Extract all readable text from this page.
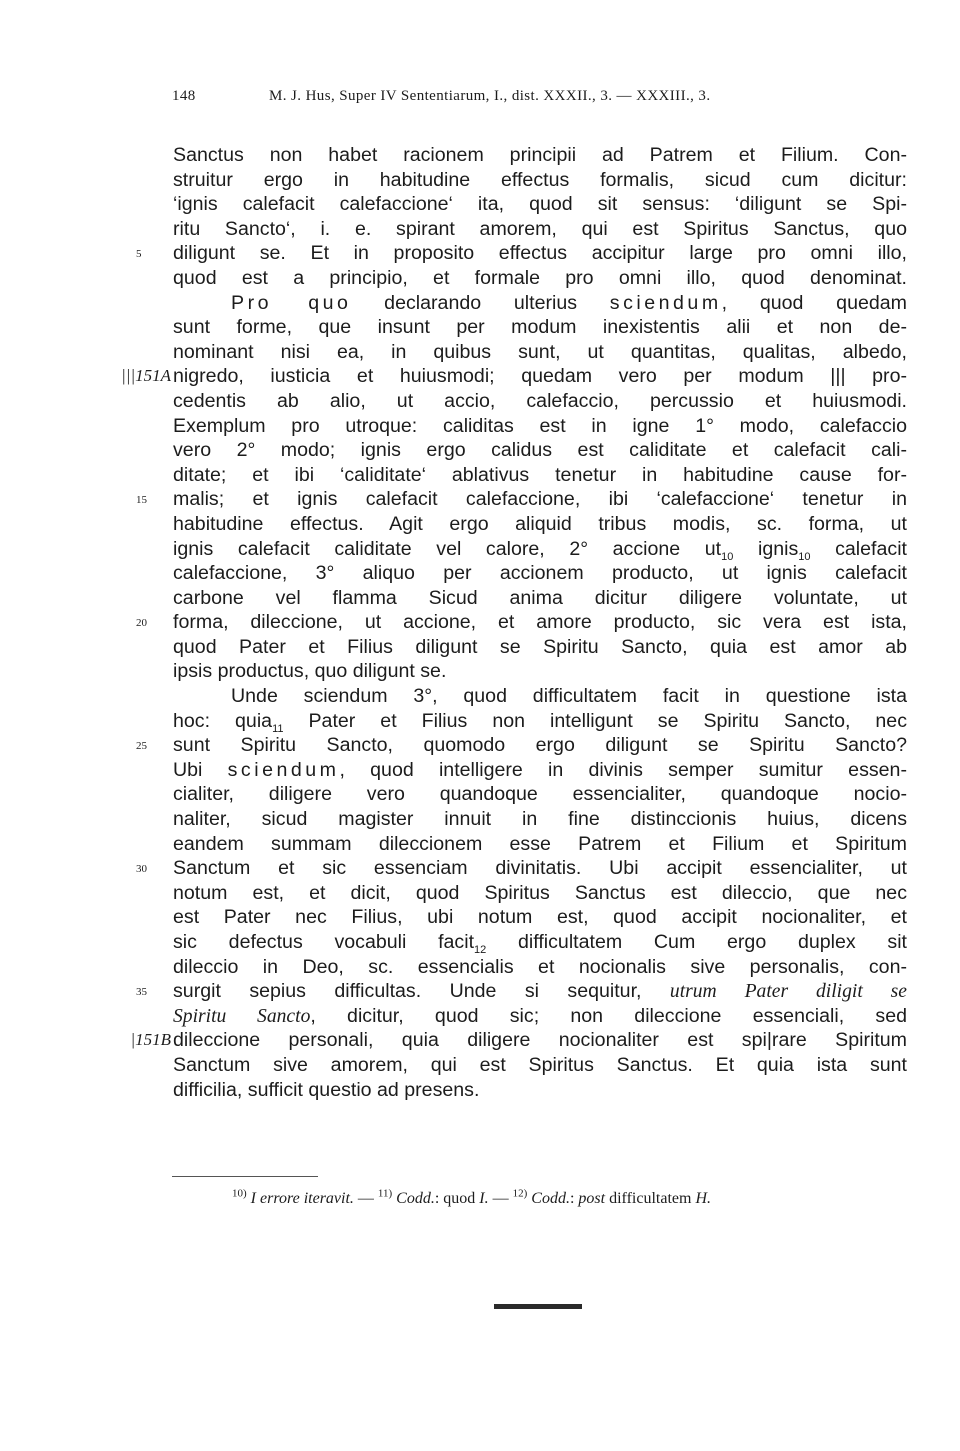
148	M. J. Hus, Super IV Sententiarum, I., dist. XXXII., 3. — XXXIII., 3.
Sanctus non habet racionem principii ad Patrem et Filium. Con-
struitur ergo in habitudine effectus formalis, sicud cum dicitur:
‘ignis calefacit calefaccione‘ ita, quod sit sensus: ‘diligunt se Spi-
ritu Sancto‘, i. e. spirant amorem, qui est Spiritus Sanctus, quo
5 diligunt se. Et in proposito effectus accipitur large pro omni illo,
quod est a principio, et formale pro omni illo, quod denominat.
Pro quo declarando ulterius sciendum, quod quedam
sunt forme, que insunt per modum inexistentis alii et non de-
nominant nisi ea, in quibus sunt, ut quantitas, qualitas, albedo,
|||151A nigredo, iusticia et huiusmodi; quedam vero per modum ||| pro-
cedentis ab alio, ut accio, calefaccio, percussio et huiusmodi.
Exemplum pro utroque: caliditas est in igne 1° modo, calefaccio
vero 2° modo; ignis ergo calidus est caliditate et calefacit cali-
ditate; et ibi ‘caliditate‘ ablativus tenetur in habitudine cause for-
15 malis; et ignis calefacit calefaccione, ibi ‘calefaccione‘ tenetur in
habitudine effectus. Agit ergo aliquid tribus modis, sc. forma, ut
ignis calefacit caliditate vel calore, 2° accione $ut_{10}$ ignis$_{10}$ calefacit
calefaccione, 3° aliquo per accionem producto, ut ignis calefacit
carbone vel flamma Sicud anima dicitur diligere voluntate, ut
20 forma, dileccione, ut accione, et amore producto, sic vera est ista,
quod Pater et Filius diligunt se Spiritu Sancto, quia est amor ab
ipsis productus, quo diligunt se.
Unde sciendum 3°, quod difficultatem facit in questione ista
hoc: quia$_{11}$ Pater et Filius non intelligunt se Spiritu Sancto, nec
25 sunt Spiritu Sancto, quomodo ergo diligunt se Spiritu Sancto?
Ubi sciendum, quod intelligere in divinis semper sumitur essen-
cialiter, diligere vero quandoque essencialiter, quandoque nocio-
naliter, sicud magister innuit in fine distinccionis huius, dicens
eandem summam dileccionem esse Patrem et Filium et Spiritum
30 Sanctum et sic essenciam divinitatis. Ubi accipit essencialiter, ut
notum est, et dicit, quod Spiritus Sanctus est dileccio, que nec
est Pater nec Filius, ubi notum est, quod accipit nocionaliter, et
sic defectus vocabuli facit$_{12}$ difficultatem Cum ergo duplex sit
dileccio in Deo, sc. essencialis et nocionalis sive personalis, con-
35 surgit sepius difficultas. Unde si sequitur, utrum Pater diligit se
Spiritu Sancto, dicitur, quod sic; non dileccione essenciali, sed
|151B dileccione personali, quia diligere nocionaliter est spi|rare Spiritum
Sanctum sive amorem, qui est Spiritus Sanctus. Et quia ista sunt
difficilia, sufficit questio ad presens.
$^{10)}$ I errore iteravit. — $^{11)}$ Codd.: quod I. — $^{12)}$ Codd.: post difficultatem H.
